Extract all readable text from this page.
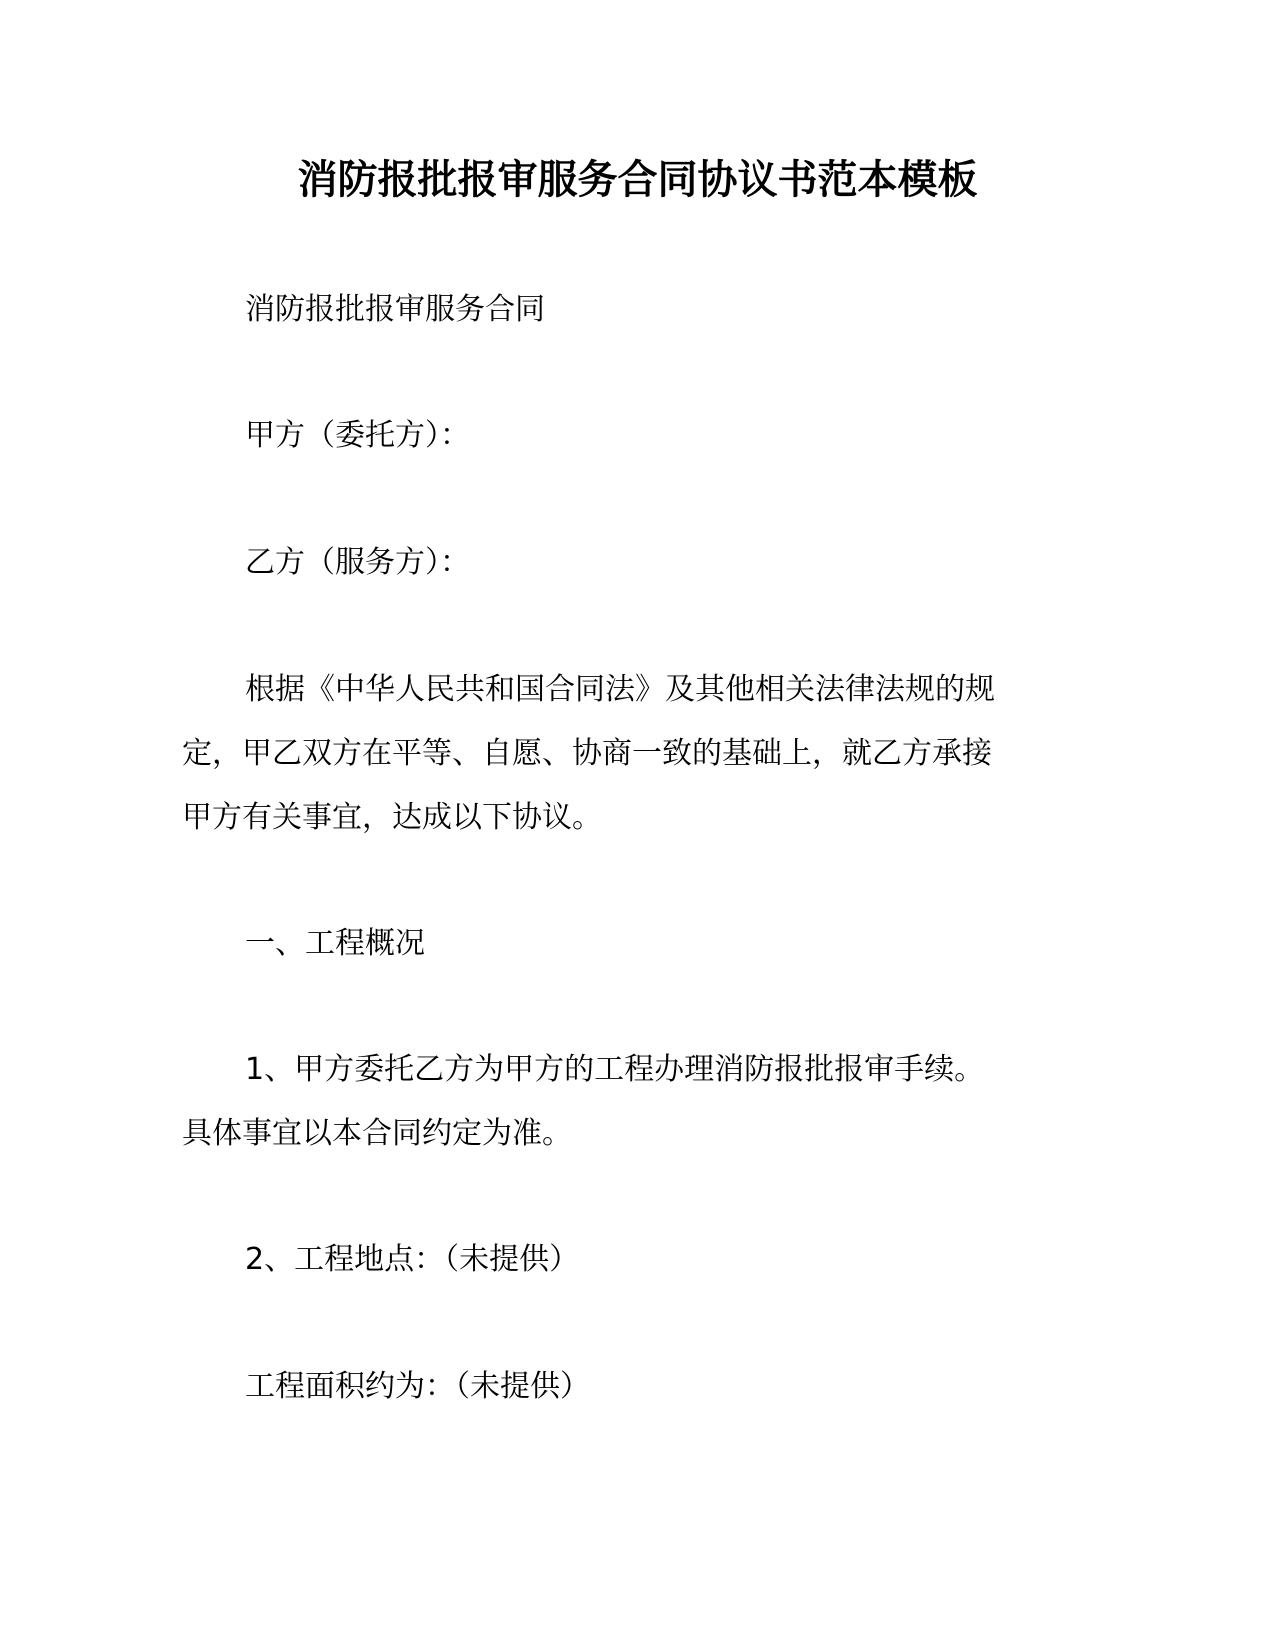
消防报批报审服务合同协议书范本模板

消防报批报审服务合同

甲方（委托方）：

乙方（服务方）：

根据《中华人民共和国合同法》及其他相关法律法规的规
定，甲乙双方在平等、自愿、协商一致的基础上，就乙方承接
甲方有关事宜，达成以下协议。

一、工程概况

1、甲方委托乙方为甲方的工程办理消防报批报审手续。
具体事宜以本合同约定为准。

2、工程地点：（未提供）

工程面积约为：（未提供）
